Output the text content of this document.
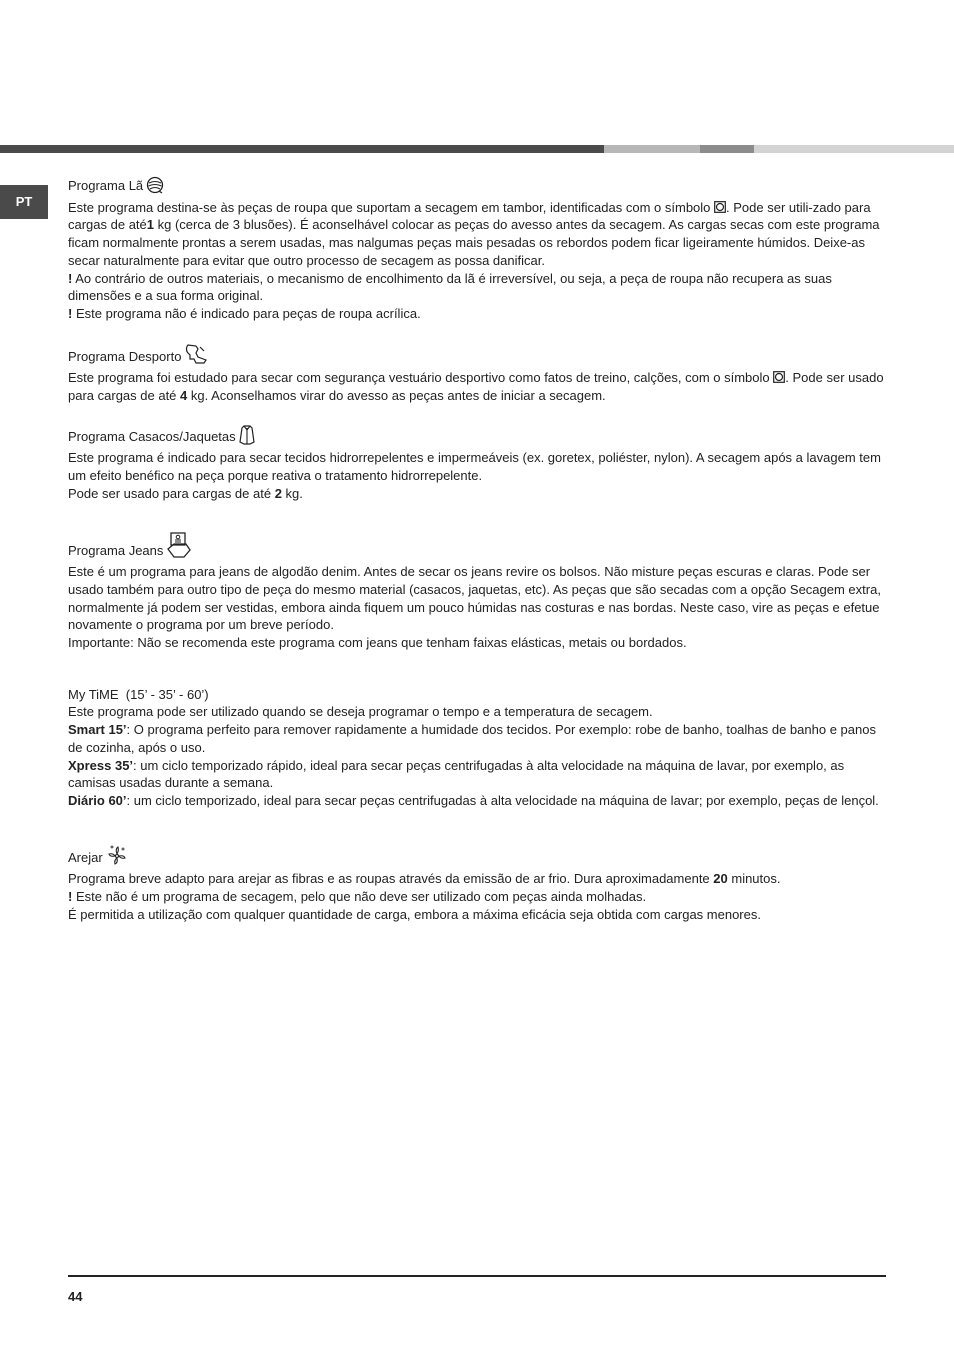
PT

Programa Lã

Este programa destina-se às peças de roupa que suportam a secagem em tambor, identificadas com o símbolo . Pode ser utili-zado para cargas de até1 kg (cerca de 3 blusões). É aconselhável colocar as peças do avesso antes da secagem. As cargas secas com este programa ficam normalmente prontas a serem usadas, mas nalgumas peças mais pesadas os rebordos podem ficar ligeiramente húmidos. Deixe-as secar naturalmente para evitar que outro processo de secagem as possa danificar.

! Ao contrário de outros materiais, o mecanismo de encolhimento da lã é irreversível, ou seja, a peça de roupa não recupera as suas dimensões e a sua forma original.

! Este programa não é indicado para peças de roupa acrílica.

Programa Desporto

Este programa foi estudado para secar com segurança vestuário desportivo como fatos de treino, calções, com o símbolo . Pode ser usado para cargas de até 4 kg. Aconselhamos virar do avesso as peças antes de iniciar a secagem.

Programa Casacos/Jaquetas

Este programa é indicado para secar tecidos hidrorrepelentes e impermeáveis (ex. goretex, poliéster, nylon). A secagem após a lavagem tem um efeito benéfico na peça porque reativa o tratamento hidrorrepelente.

Pode ser usado para cargas de até 2 kg.

Programa Jeans

Este é um programa para jeans de algodão denim. Antes de secar os jeans revire os bolsos. Não misture peças escuras e claras. Pode ser usado também para outro tipo de peça do mesmo material (casacos, jaquetas, etc). As peças que são secadas com a opção Secagem extra, normalmente já podem ser vestidas, embora ainda fiquem um pouco húmidas nas costuras e nas bordas. Neste caso, vire as peças e efetue novamente o programa por um breve período.

Importante: Não se recomenda este programa com jeans que tenham faixas elásticas, metais ou bordados.

My TiME (15’ - 35’ - 60’)

Este programa pode ser utilizado quando se deseja programar o tempo e a temperatura de secagem.

Smart 15’: O programa perfeito para remover rapidamente a humidade dos tecidos. Por exemplo: robe de banho, toalhas de banho e panos de cozinha, após o uso.

Xpress 35’: um ciclo temporizado rápido, ideal para secar peças centrifugadas à alta velocidade na máquina de lavar, por exemplo, as camisas usadas durante a semana.

Diário 60’: um ciclo temporizado, ideal para secar peças centrifugadas à alta velocidade na máquina de lavar; por exemplo, peças de lençol.

Arejar

Programa breve adapto para arejar as fibras e as roupas através da emissão de ar frio. Dura aproximadamente 20 minutos.

! Este não é um programa de secagem, pelo que não deve ser utilizado com peças ainda molhadas.

É permitida a utilização com qualquer quantidade de carga, embora a máxima eficácia seja obtida com cargas menores.

44
